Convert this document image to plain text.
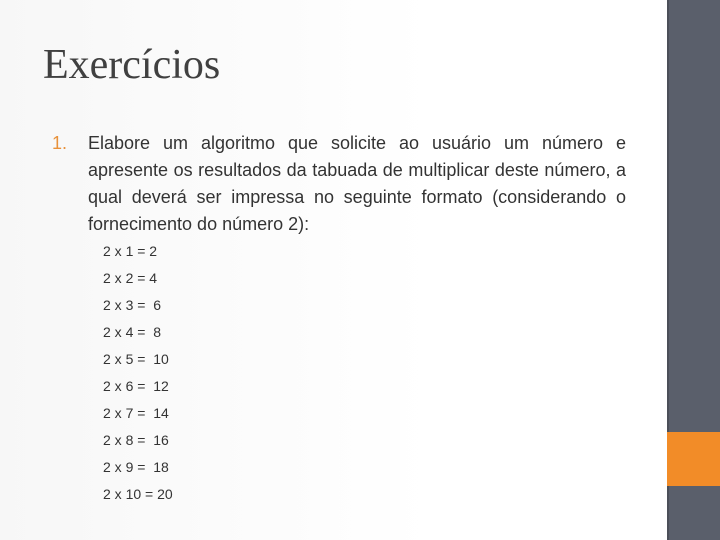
Exercícios
1.	Elabore um algoritmo que solicite ao usuário um número e apresente os resultados da tabuada de multiplicar deste número, a qual deverá ser impressa no seguinte formato (considerando o fornecimento do número 2):
2 x 1 = 2
2 x 2 = 4
2 x 3 =  6
2 x 4 =  8
2 x 5 =  10
2 x 6 =  12
2 x 7 =  14
2 x 8 =  16
2 x 9 =  18
2 x 10 = 20
